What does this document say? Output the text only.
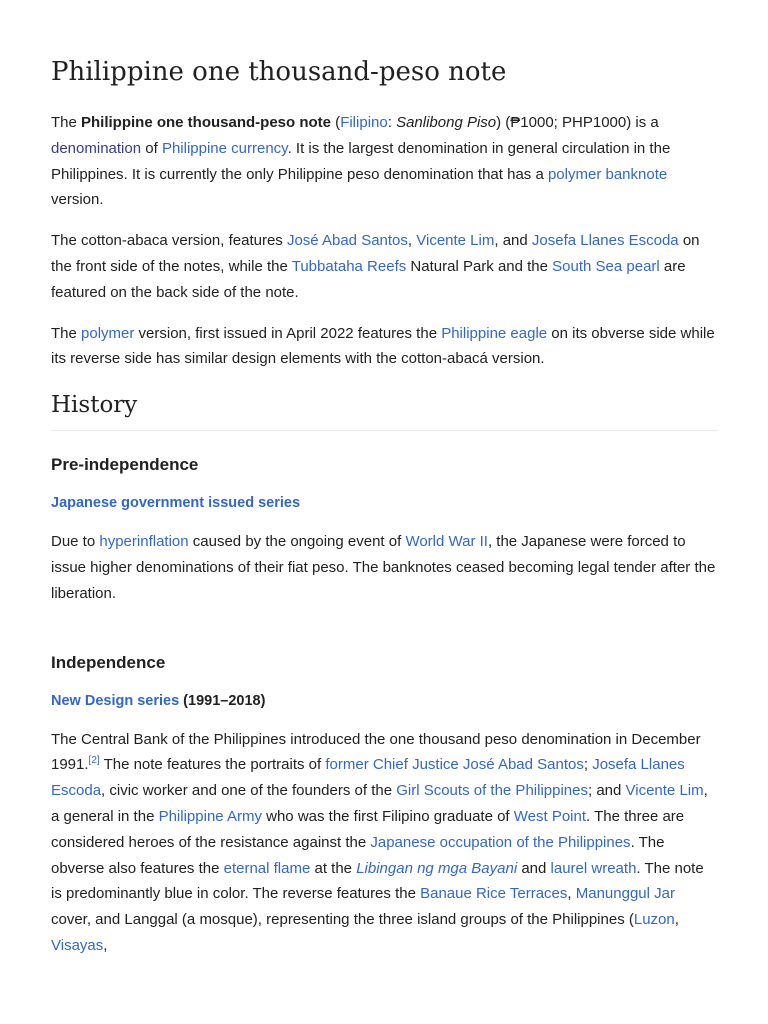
Philippine one thousand-peso note

The Philippine one thousand-peso note (Filipino: Sanlibong Piso) (₱1000; PHP1000) is a denomination of Philippine currency. It is the largest denomination in general circulation in the Philippines. It is currently the only Philippine peso denomination that has a polymer banknote version.

The cotton-abaca version, features José Abad Santos, Vicente Lim, and Josefa Llanes Escoda on the front side of the notes, while the Tubbataha Reefs Natural Park and the South Sea pearl are featured on the back side of the note.

The polymer version, first issued in April 2022 features the Philippine eagle on its obverse side while its reverse side has similar design elements with the cotton-abacá version.

History
Pre-independence

Japanese government issued series

Due to hyperinflation caused by the ongoing event of World War II, the Japanese were forced to issue higher denominations of their fiat peso. The banknotes ceased becoming legal tender after the liberation.

Independence

New Design series (1991–2018)

The Central Bank of the Philippines introduced the one thousand peso denomination in December 1991.[2] The note features the portraits of former Chief Justice José Abad Santos; Josefa Llanes Escoda, civic worker and one of the founders of the Girl Scouts of the Philippines; and Vicente Lim, a general in the Philippine Army who was the first Filipino graduate of West Point. The three are considered heroes of the resistance against the Japanese occupation of the Philippines. The obverse also features the eternal flame at the Libingan ng mga Bayani and laurel wreath. The note is predominantly blue in color. The reverse features the Banaue Rice Terraces, Manunggul Jar cover, and Langgal (a mosque), representing the three island groups of the Philippines (Luzon, Visayas,
